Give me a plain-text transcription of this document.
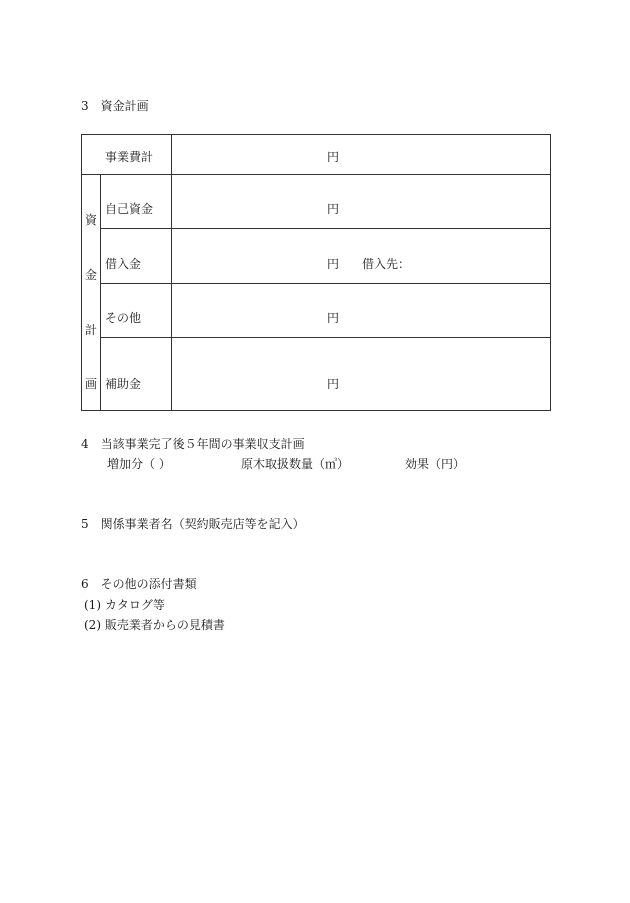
3　資金計画
事業費計	円
資
金
計
画
自己資金	円
借入金	円 借入先：
その他	円
補助金	円
4　当該事業完了後５年間の事業収支計画
増加分（ ）	原木取扱数量（㎥）	効果（円）
5　関係事業者名（契約販売店等を記入）
6　その他の添付書類
(1) カタログ等
(2) 販売業者からの見積書
